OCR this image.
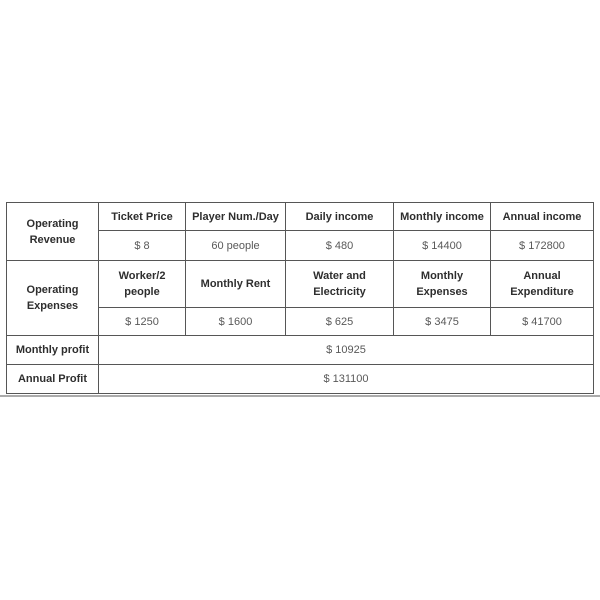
Operating Revenue	Ticket Price	Player Num./Day	Daily income	Monthly income	Annual income
	$ 8	60 people	$ 480	$ 14400	$ 172800
Operating Expenses	Worker/2 people	Monthly Rent	Water and Electricity	Monthly Expenses	Annual Expenditure
	$ 1250	$ 1600	$ 625	$ 3475	$ 41700
Monthly profit	$ 10925				
Annual Profit	$ 131100				
